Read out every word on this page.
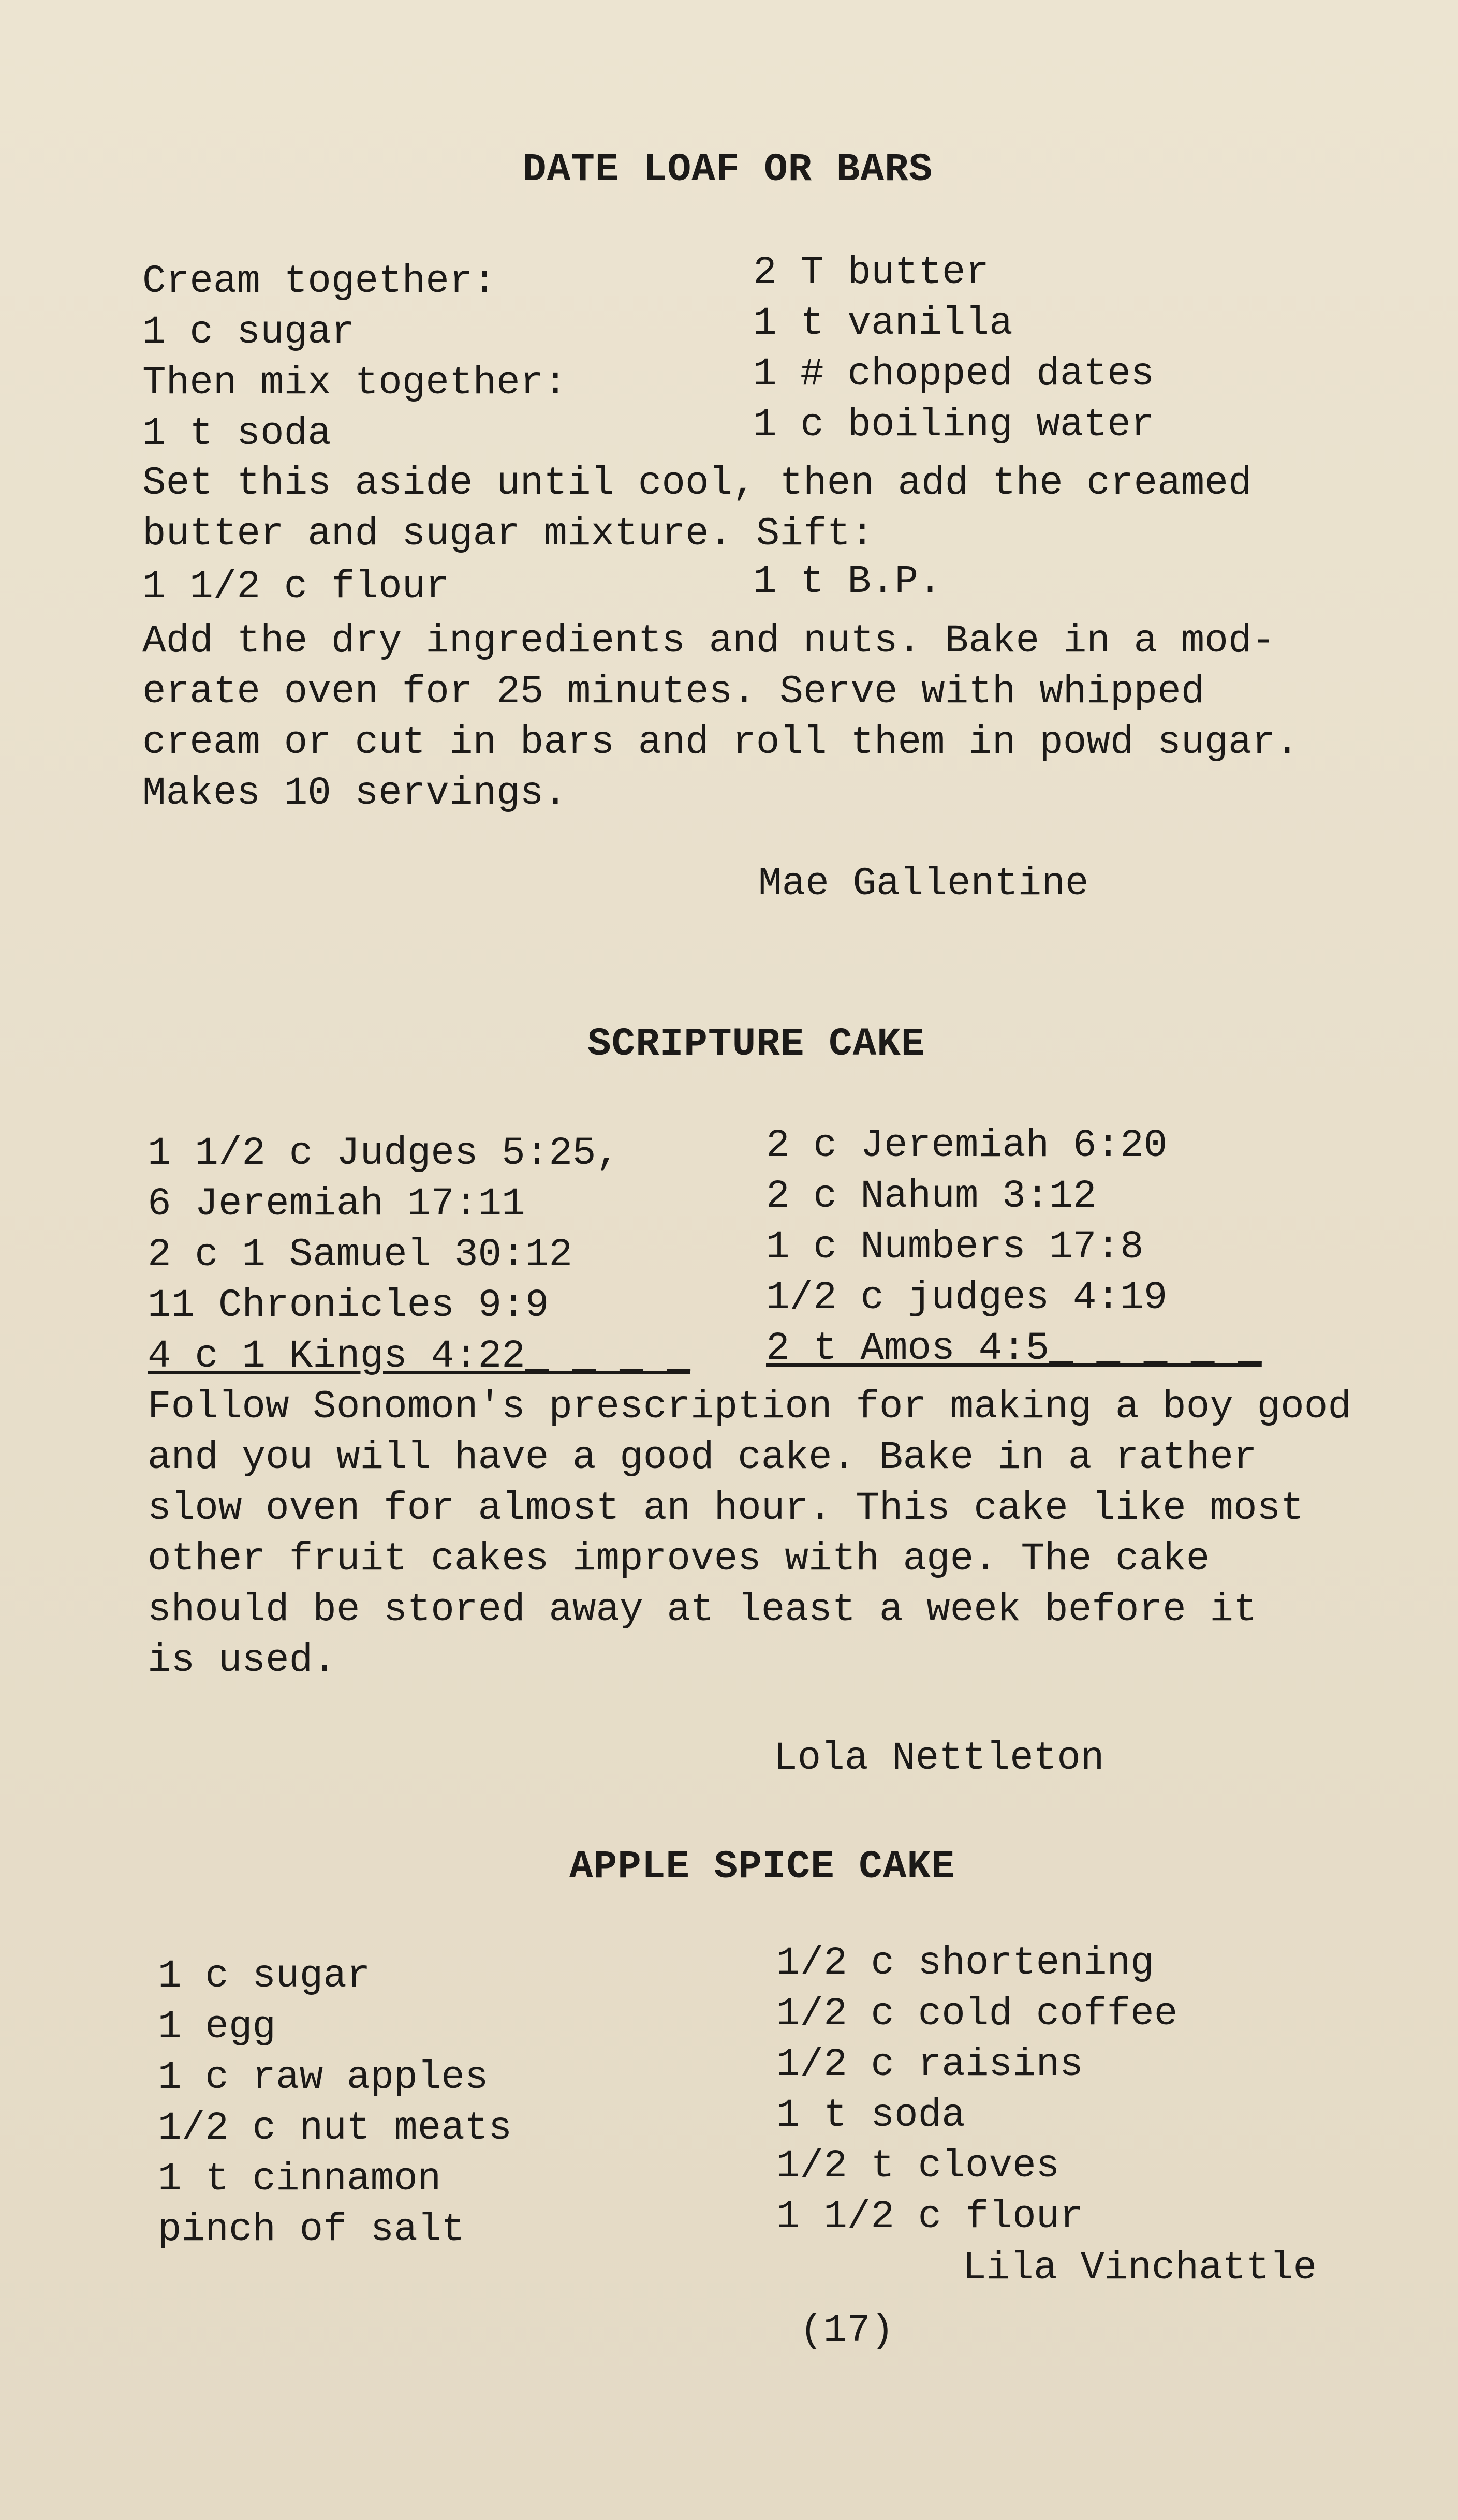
DATE LOAF OR BARS
Cream together:
1 c sugar
Then mix together:
1 t soda
2 T butter
1 t vanilla
1 # chopped dates
1 c boiling water
Set this aside until cool, then add the creamed
butter and sugar mixture. Sift:
1 1/2 c flour	1 t B.P.
Add the dry ingredients and nuts. Bake in a mod-
erate oven for 25 minutes. Serve with whipped
cream or cut in bars and roll them in powd sugar.
Makes 10 servings.
Mae Gallentine
SCRIPTURE CAKE
1 1/2 c Judges 5:25,
6 Jeremiah 17:11
2 c 1 Samuel 30:12
11 Chronicles 9:9
4 c 1 Kings 4:22_ _ _ _
2 c Jeremiah 6:20
2 c Nahum 3:12
1 c Numbers 17:8
1/2 c judges 4:19
2 t Amos 4:5_ _ _ _ _
Follow Sonomon's prescription for making a boy good
and you will have a good cake. Bake in a rather
slow oven for almost an hour. This cake like most
other fruit cakes improves with age. The cake
should be stored away at least a week before it
is used.
Lola Nettleton
APPLE SPICE CAKE
1 c sugar
1 egg
1 c raw apples
1/2 c nut meats
1 t cinnamon
pinch of salt
1/2 c shortening
1/2 c cold coffee
1/2 c raisins
1 t soda
1/2 t cloves
1 1/2 c flour
Lila Vinchattle
(17)
